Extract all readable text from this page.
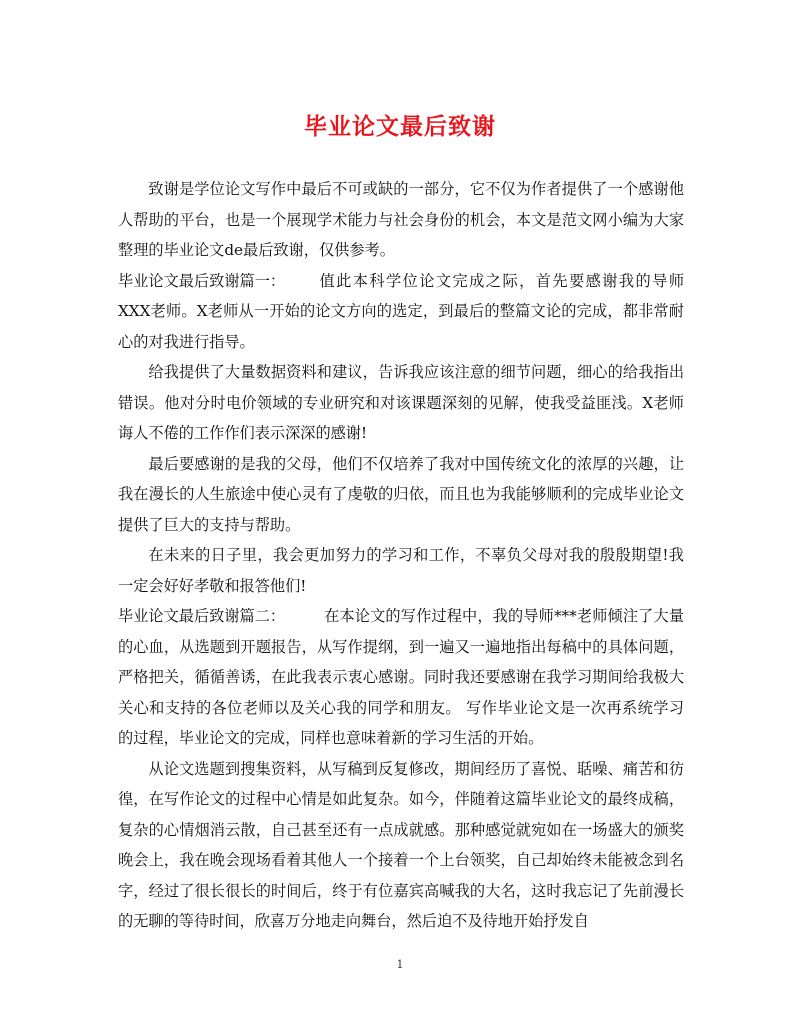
毕业论文最后致谢

致谢是学位论文写作中最后不可或缺的一部分，它不仅为作者提供了一个感谢他人帮助的平台，也是一个展现学术能力与社会身份的机会，本文是范文网小编为大家整理的毕业论文de最后致谢，仅供参考。

毕业论文最后致谢篇一： 值此本科学位论文完成之际，首先要感谢我的导师XXX老师。X老师从一开始的论文方向的选定，到最后的整篇文论的完成，都非常耐心的对我进行指导。

给我提供了大量数据资料和建议，告诉我应该注意的细节问题，细心的给我指出错误。他对分时电价领域的专业研究和对该课题深刻的见解，使我受益匪浅。X老师诲人不倦的工作作们表示深深的感谢!

最后要感谢的是我的父母，他们不仅培养了我对中国传统文化的浓厚的兴趣，让我在漫长的人生旅途中使心灵有了虔敬的归依，而且也为我能够顺利的完成毕业论文提供了巨大的支持与帮助。

在未来的日子里，我会更加努力的学习和工作，不辜负父母对我的殷殷期望!我一定会好好孝敬和报答他们!

毕业论文最后致谢篇二：	在本论文的写作过程中，我的导师***老师倾注了大量的心血，从选题到开题报告，从写作提纲，到一遍又一遍地指出每稿中的具体问题，严格把关，循循善诱，在此我表示衷心感谢。同时我还要感谢在我学习期间给我极大关心和支持的各位老师以及关心我的同学和朋友。 写作毕业论文是一次再系统学习的过程，毕业论文的完成，同样也意味着新的学习生活的开始。

从论文选题到搜集资料，从写稿到反复修改，期间经历了喜悦、聒噪、痛苦和彷徨，在写作论文的过程中心情是如此复杂。如今，伴随着这篇毕业论文的最终成稿，复杂的心情烟消云散，自己甚至还有一点成就感。那种感觉就宛如在一场盛大的颁奖晚会上，我在晚会现场看着其他人一个接着一个上台领奖，自己却始终未能被念到名字，经过了很长很长的时间后，终于有位嘉宾高喊我的大名，这时我忘记了先前漫长的无聊的等待时间，欣喜万分地走向舞台，然后迫不及待地开始抒发自

1
